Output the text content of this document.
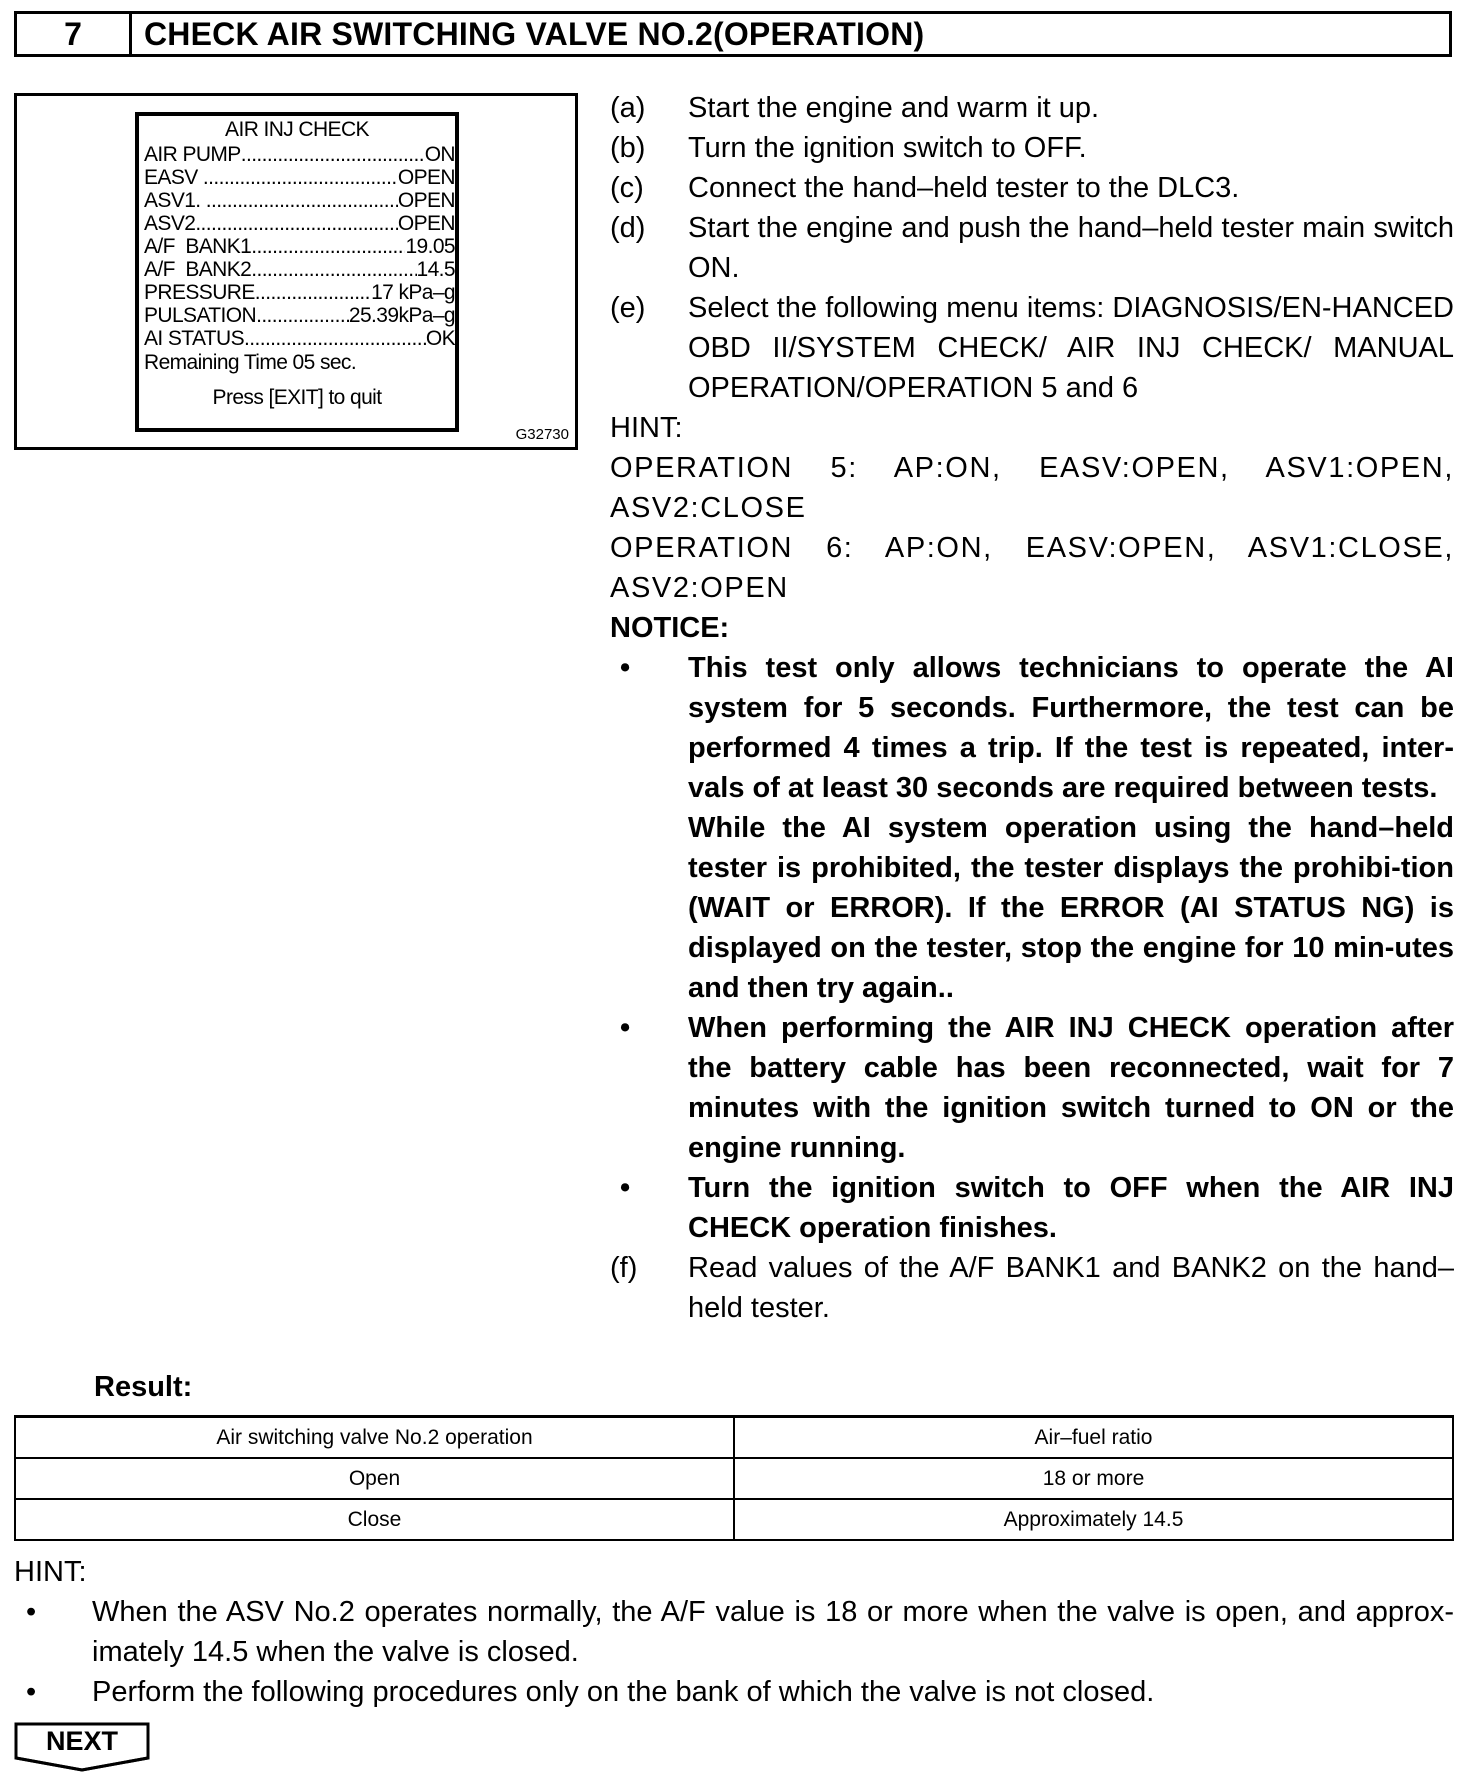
7	CHECK AIR SWITCHING VALVE NO.2(OPERATION)
AIR INJ CHECK
AIR PUMP .....	ON
EASV .....	OPEN
ASV1. .....	OPEN
ASV2 .....	OPEN
A/F  BANK1 .....	19.05
A/F  BANK2 .....	14.5
PRESSURE .....	17 kPa–g
PULSATION .....	25.39kPa–g
AI STATUS .....	OK
Remaining Time 05 sec.
Press [EXIT] to quit
G32730
(a)	Start the engine and warm it up.
(b)	Turn the ignition switch to OFF.
(c)	Connect the hand–held tester to the DLC3.
(d)	Start the engine and push the hand–held tester main switch ON.
(e)	Select the following menu items: DIAGNOSIS/EN-HANCED OBD II/SYSTEM CHECK/ AIR INJ CHECK/ MANUAL OPERATION/OPERATION 5 and 6
HINT:
OPERATION 5: AP:ON, EASV:OPEN, ASV1:OPEN, ASV2:CLOSE
OPERATION 6: AP:ON, EASV:OPEN, ASV1:CLOSE, ASV2:OPEN
NOTICE:
•	This test only allows technicians to operate the AI system for 5 seconds. Furthermore, the test can be performed 4 times a trip. If the test is repeated, inter-vals of at least 30 seconds are required between tests.

While the AI system operation using the hand–held tester is prohibited, the tester displays the prohibi-tion (WAIT or ERROR). If the ERROR (AI STATUS NG) is displayed on the tester, stop the engine for 10 min-utes and then try again..

•	When performing the AIR INJ CHECK operation after the battery cable has been reconnected, wait for 7 minutes with the ignition switch turned to ON or the engine running.

•	Turn the ignition switch to OFF when the AIR INJ CHECK operation finishes.

(f)	Read values of the A/F BANK1 and BANK2 on the hand–held tester.
Result:
Air switching valve No.2 operation	Air–fuel ratio
Open	18 or more
Close	Approximately 14.5
HINT:
•	When the ASV No.2 operates normally, the A/F value is 18 or more when the valve is open, and approx-imately 14.5 when the valve is closed.
•	Perform the following procedures only on the bank of which the valve is not closed.
NEXT
